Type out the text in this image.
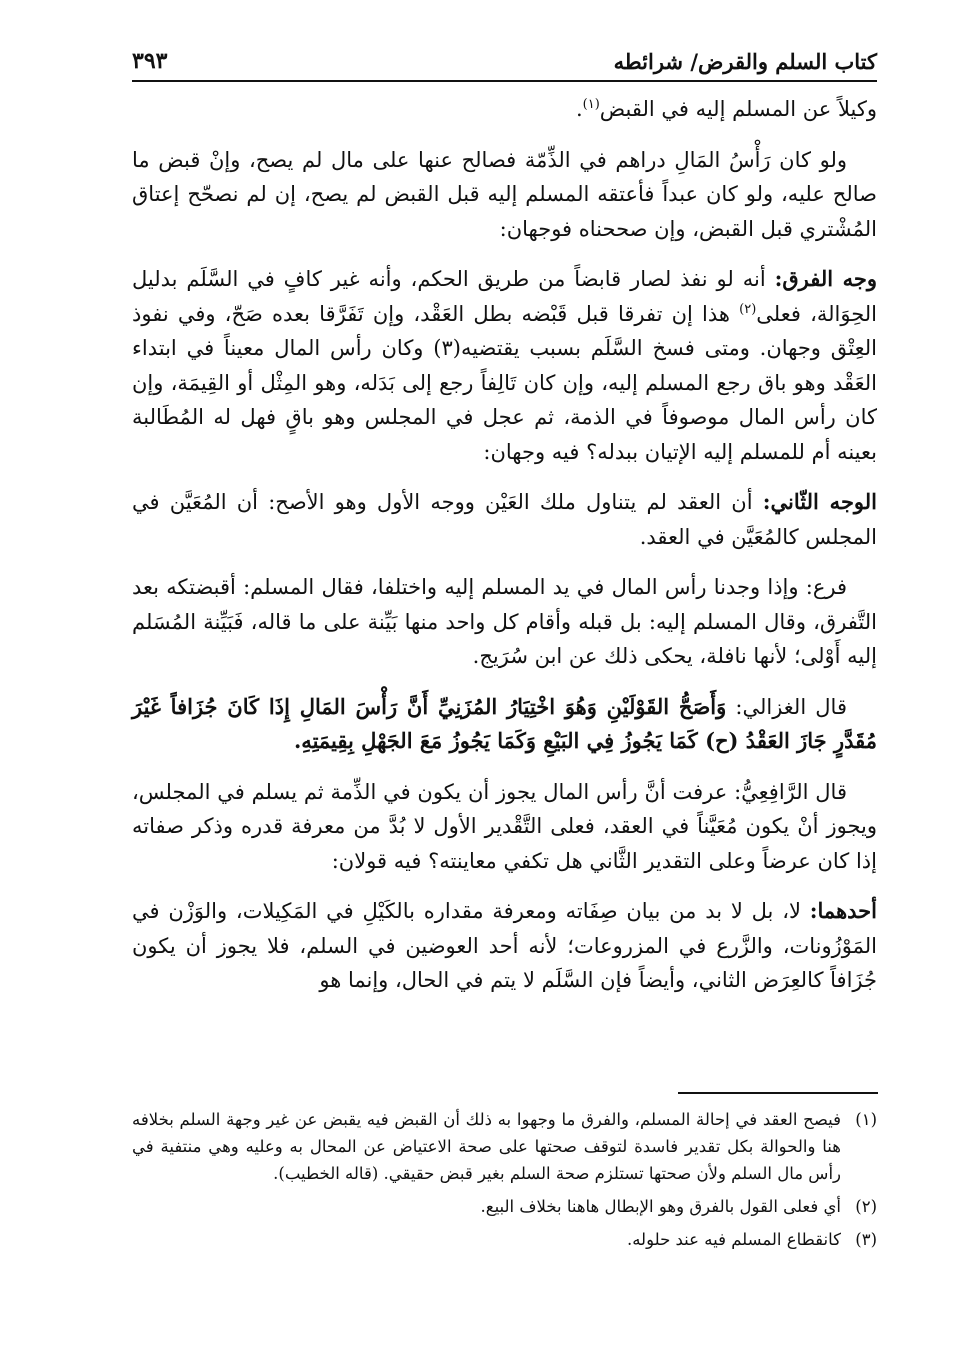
كتاب السلم والقرض/ شرائطه
٣٩٣

وكيلاً عن المسلم إليه في القبض$^{(١)}$.

ولو كان رَأْسُ المَالِ دراهم في الذِّمّة فصالح عنها على مال لم يصح، وإنْ قبض ما صالح عليه، ولو كان عبداً فأعتقه المسلم إليه قبل القبض لم يصح، إن لم نصحّح إعتاق المُشْتري قبل القبض، وإن صححناه فوجهان:

وجه الفرق: أنه لو نفذ لصار قابضاً من طريق الحكم، وأنه غير كافٍ في السَّلَم بدليل الحِوَالة، فعلى$^{(٢)}$ هذا إن تفرقا قبل قَبْضه بطل العَقْد، وإن تَفَرَّقا بعده صَحّ، وفي نفوذ العِتْق وجهان. ومتى فسخ السَّلَم بسبب يقتضيه(٣) وكان رأس المال معيناً في ابتداء العَقْد وهو باق رجع المسلم إليه، وإن كان تَالِفاً رجع إلى بَدَله، وهو المِثْل أو القِيمَة، وإن كان رأس المال موصوفاً في الذمة، ثم عجل في المجلس وهو باقٍ فهل له المُطَالبة بعينه أم للمسلم إليه الإتيان ببدله؟ فيه وجهان:

الوجه الثّاني: أن العقد لم يتناول ملك العَيْن ووجه الأول وهو الأصح: أن المُعَيَّن في المجلس كالمُعَيَّن في العقد.

فرع: وإذا وجدنا رأس المال في يد المسلم إليه واختلفا، فقال المسلم: أقبضتكه بعد التَّفرق، وقال المسلم إليه: بل قبله وأقام كل واحد منها بَيِّنة على ما قاله، فَبَيِّنة المُسَلم إليه أَوْلى؛ لأنها نافلة، يحكى ذلك عن ابن سُرَيج.

قال الغزالي: وَأَصَحُّ القَوْلَيْنِ وَهُوَ اخْتِيَارُ المُزَنِيِّ أَنَّ رَأْسَ المَالِ إِذَا كَانَ جُزَافاً غَيْرَ مُقَدَّرٍ جَازَ العَقْدُ (ح) كَمَا يَجُوزُ فِي البَيْعِ وَكَمَا يَجُوزُ مَعَ الجَهْلِ بِقِيمَتِهِ.

قال الرَّافِعِيُّ: عرفت أنَّ رأس المال يجوز أن يكون في الذِّمة ثم يسلم في المجلس، ويجوز أنْ يكون مُعَيَّناً في العقد، فعلى التَّقْدير الأول لا بُدَّ من معرفة قدره وذكر صفاته إذا كان عرضاً وعلى التقدير الثَّاني هل تكفي معاينته؟ فيه قولان:

أحدهما: لا، بل لا بد من بيان صِفَاته ومعرفة مقداره بالكَيْلِ في المَكِيلات، والوَزْن في المَوْزُونات، والزَّرع في المزروعات؛ لأنه أحد العوضين في السلم، فلا يجوز أن يكون جُزَافاً كالعِرَض الثاني، وأيضاً فإن السَّلَم لا يتم في الحال، وإنما هو

(١)
فيصح العقد في إحالة المسلم، والفرق ما وجهوا به ذلك أن القبض فيه يقبض عن غير وجهة السلم بخلافه هنا والحوالة بكل تقدير فاسدة لتوقف صحتها على صحة الاعتياض عن المحال به وعليه وهي منتفية في رأس مال السلم ولأن صحتها تستلزم صحة السلم بغير قبض حقيقي. (قاله الخطيب).
(٢)
أي فعلى القول بالفرق وهو الإبطال هاهنا بخلاف البيع.
(٣)
كانقطاع المسلم فيه عند حلوله.
